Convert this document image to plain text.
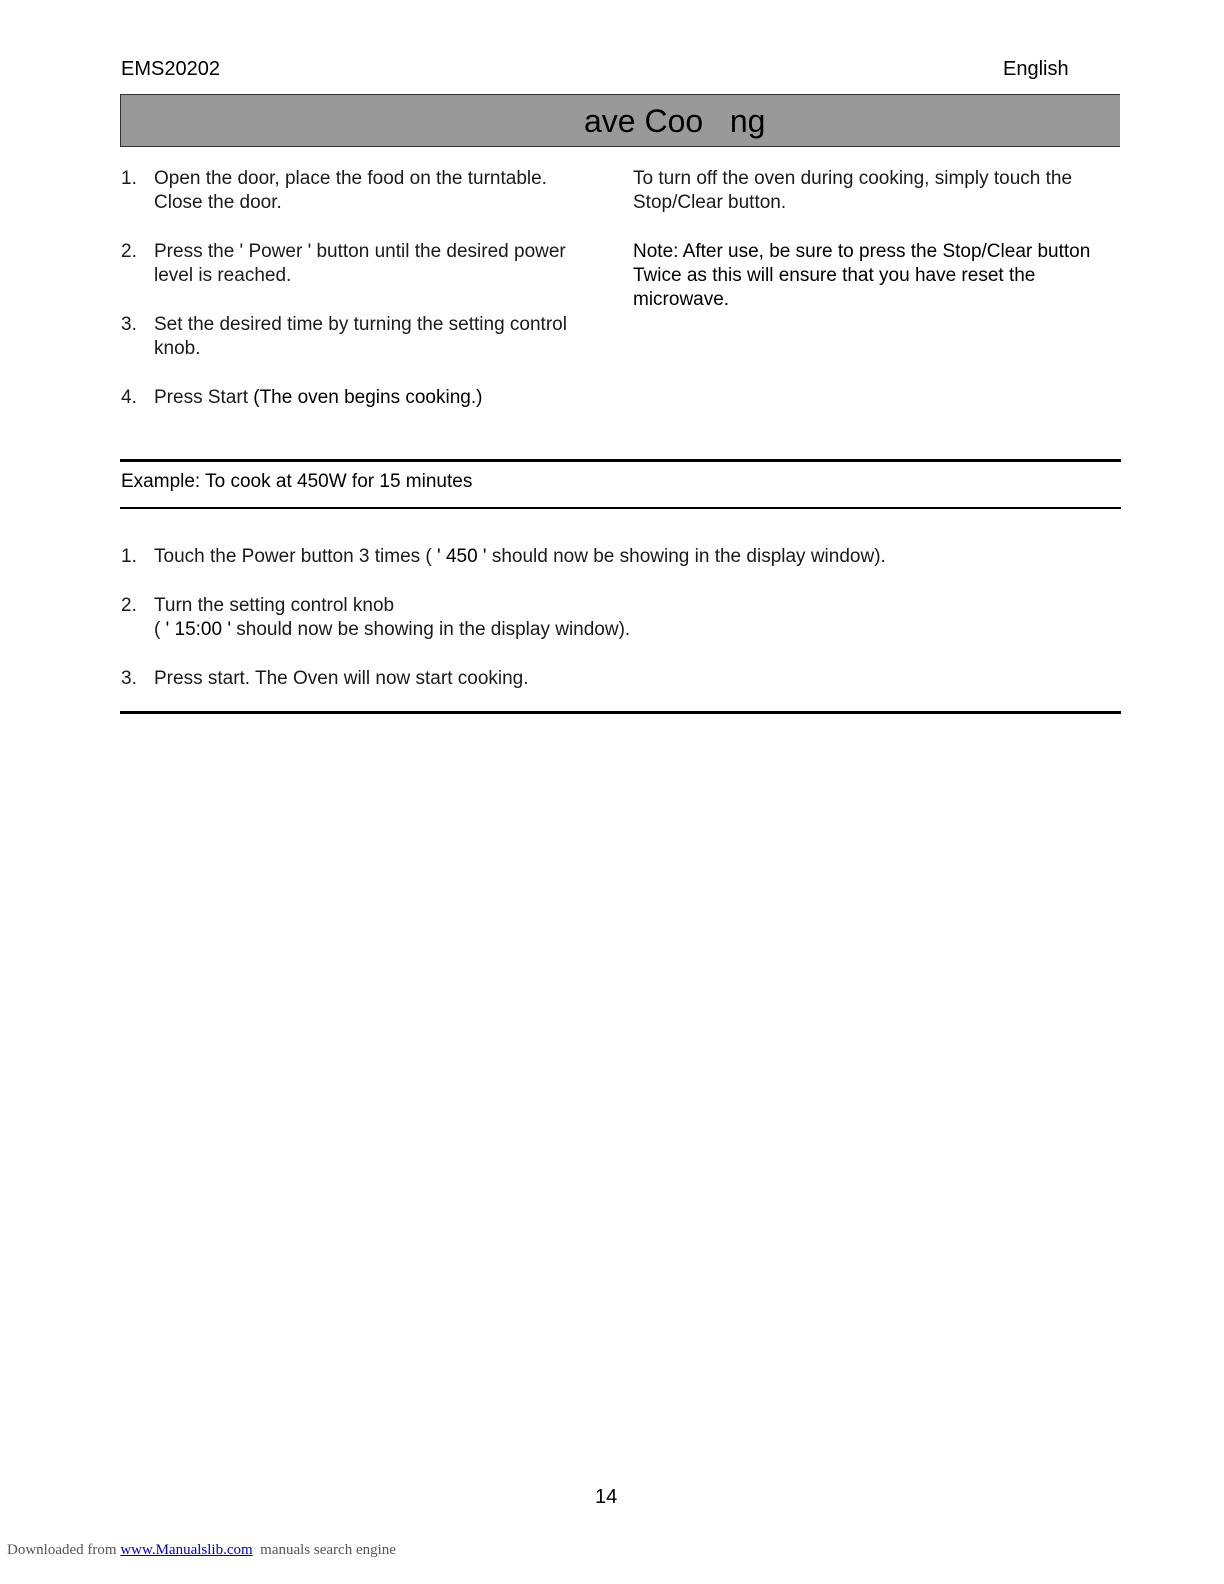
EMS20202	English
ave Coo   ng
1. Open the door, place the food on the turntable.
Close the door.
2. Press the ' Power ' button until the desired power
level is reached.
3. Set the desired time by turning the setting control
knob.
4. Press Start (The oven begins cooking.)
To turn off the oven during cooking, simply touch the
Stop/Clear button.
Note: After use, be sure to press the Stop/Clear button
Twice as this will ensure that you have reset the
microwave.
Example: To cook at 450W for 15 minutes
1. Touch the Power button 3 times ( ' 450 ' should now be showing in the display window).
2. Turn the setting control knob
( ' 15:00 ' should now be showing in the display window).
3. Press start. The Oven will now start cooking.
14
Downloaded from www.Manualslib.com  manuals search engine
